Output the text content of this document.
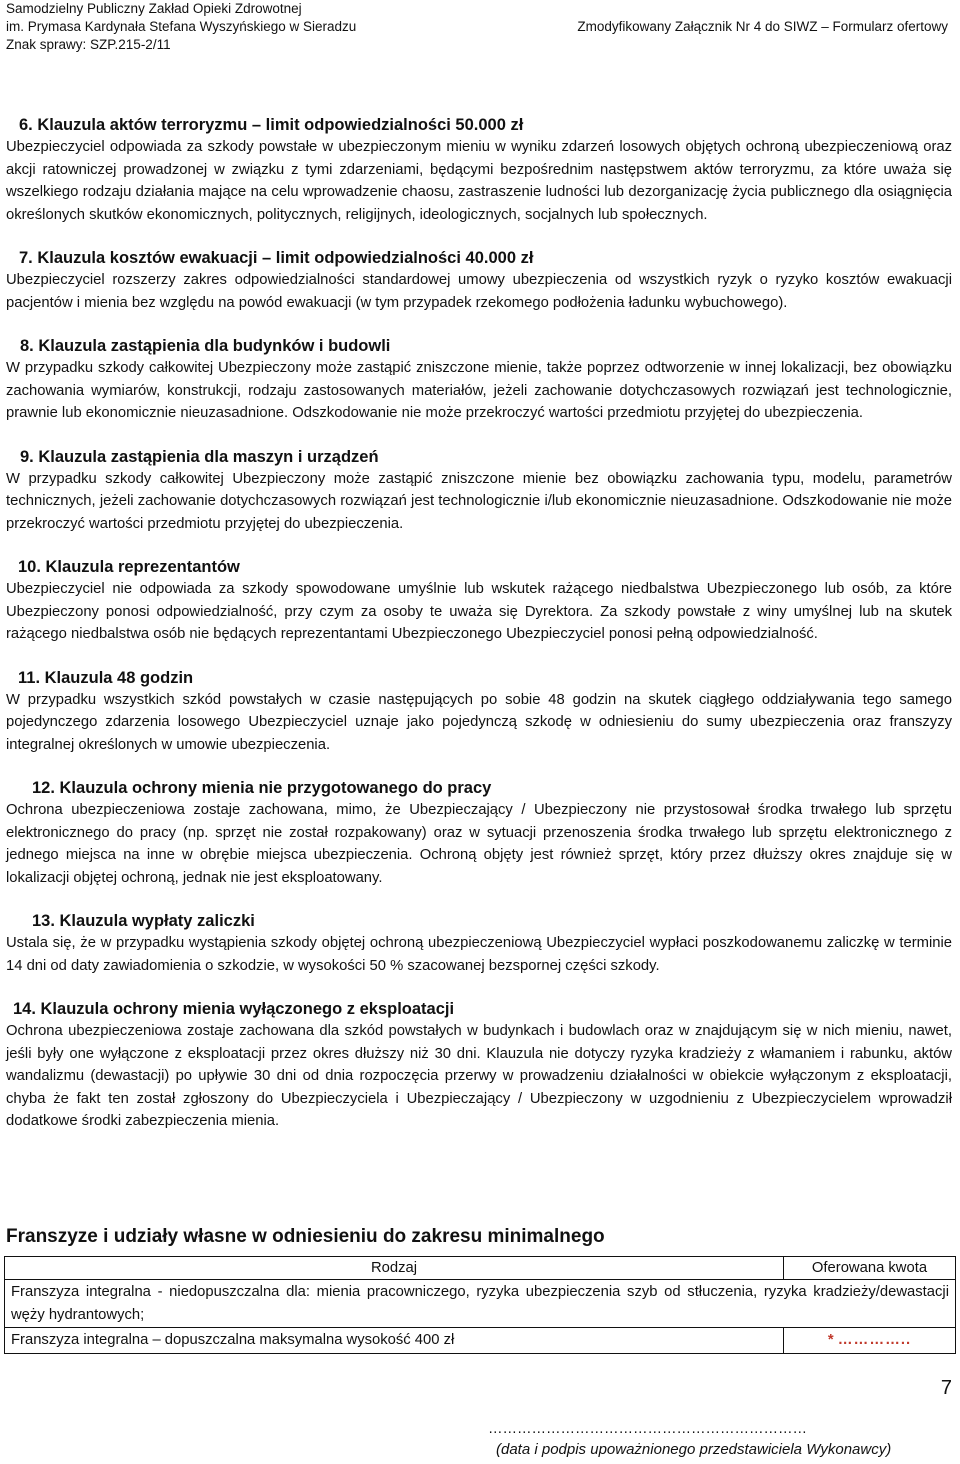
Samodzielny Publiczny Zakład Opieki Zdrowotnej
im. Prymasa Kardynała Stefana Wyszyńskiego w Sieradzu
Znak sprawy: SZP.215-2/11
Zmodyfikowany Załącznik Nr 4 do SIWZ – Formularz ofertowy

6. Klauzula aktów terroryzmu – limit odpowiedzialności 50.000 zł

Ubezpieczyciel odpowiada za szkody powstałe w ubezpieczonym mieniu w wyniku zdarzeń losowych objętych ochroną ubezpieczeniową oraz akcji ratowniczej prowadzonej w związku z tymi zdarzeniami, będącymi bezpośrednim następstwem aktów terroryzmu, za które uważa się wszelkiego rodzaju działania mające na celu wprowadzenie chaosu, zastraszenie ludności lub dezorganizację życia publicznego dla osiągnięcia określonych skutków ekonomicznych, politycznych, religijnych, ideologicznych, socjalnych lub społecznych.

7. Klauzula kosztów ewakuacji – limit odpowiedzialności 40.000 zł

Ubezpieczyciel rozszerzy zakres odpowiedzialności standardowej umowy ubezpieczenia od wszystkich ryzyk o ryzyko kosztów ewakuacji pacjentów i mienia bez względu na powód ewakuacji (w tym przypadek rzekomego podłożenia ładunku wybuchowego).

8. Klauzula zastąpienia dla budynków i budowli

W przypadku szkody całkowitej Ubezpieczony może zastąpić zniszczone mienie, także poprzez odtworzenie w innej lokalizacji, bez obowiązku zachowania wymiarów, konstrukcji, rodzaju zastosowanych materiałów, jeżeli zachowanie dotychczasowych rozwiązań jest technologicznie, prawnie lub ekonomicznie nieuzasadnione. Odszkodowanie nie może przekroczyć wartości przedmiotu przyjętej do ubezpieczenia.

9. Klauzula zastąpienia dla maszyn i urządzeń

W przypadku szkody całkowitej Ubezpieczony może zastąpić zniszczone mienie bez obowiązku zachowania typu, modelu, parametrów technicznych, jeżeli zachowanie dotychczasowych rozwiązań jest technologicznie i/lub ekonomicznie nieuzasadnione. Odszkodowanie nie może przekroczyć wartości przedmiotu przyjętej do ubezpieczenia.

10. Klauzula reprezentantów

Ubezpieczyciel nie odpowiada za szkody spowodowane umyślnie lub wskutek rażącego niedbalstwa Ubezpieczonego lub osób, za które Ubezpieczony ponosi odpowiedzialność, przy czym za osoby te uważa się Dyrektora. Za szkody powstałe z winy umyślnej lub na skutek rażącego niedbalstwa osób nie będących reprezentantami Ubezpieczonego Ubezpieczyciel ponosi pełną odpowiedzialność.

11. Klauzula 48 godzin

W przypadku wszystkich szkód powstałych w czasie następujących po sobie 48 godzin na skutek ciągłego oddziaływania tego samego pojedynczego zdarzenia losowego Ubezpieczyciel uznaje jako pojedynczą szkodę w odniesieniu do sumy ubezpieczenia oraz franszyzy integralnej określonych w umowie ubezpieczenia.

12. Klauzula ochrony mienia nie przygotowanego do pracy

Ochrona ubezpieczeniowa zostaje zachowana, mimo, że Ubezpieczający / Ubezpieczony nie przystosował środka trwałego lub sprzętu elektronicznego do pracy (np. sprzęt nie został rozpakowany) oraz w sytuacji przenoszenia środka trwałego lub sprzętu elektronicznego z jednego miejsca na inne w obrębie miejsca ubezpieczenia. Ochroną objęty jest również sprzęt, który przez dłuższy okres znajduje się w lokalizacji objętej ochroną, jednak nie jest eksploatowany.

13. Klauzula wypłaty zaliczki

Ustala się, że w przypadku wystąpienia szkody objętej ochroną ubezpieczeniową Ubezpieczyciel wypłaci poszkodowanemu zaliczkę w terminie 14 dni od daty zawiadomienia o szkodzie, w wysokości 50 % szacowanej bezspornej części szkody.

14. Klauzula ochrony mienia wyłączonego z eksploatacji

Ochrona ubezpieczeniowa zostaje zachowana dla szkód powstałych w budynkach i budowlach oraz w znajdującym się w nich mieniu, nawet, jeśli były one wyłączone z eksploatacji przez okres dłuższy niż 30 dni. Klauzula nie dotyczy ryzyka kradzieży z włamaniem i rabunku, aktów wandalizmu (dewastacji) po upływie 30 dni od dnia rozpoczęcia przerwy w prowadzeniu działalności w obiekcie wyłączonym z eksploatacji, chyba że fakt ten został zgłoszony do Ubezpieczyciela i Ubezpieczający / Ubezpieczony w uzgodnieniu z Ubezpieczycielem wprowadził dodatkowe środki zabezpieczenia mienia.

Franszyze i udziały własne w odniesieniu do zakresu minimalnego
Rodzaj	Oferowana kwota
Franszyza integralna - niedopuszczalna dla: mienia pracowniczego, ryzyka ubezpieczenia szyb od stłuczenia, ryzyka kradzieży/dewastacji węży hydrantowych;	
Franszyza integralna – dopuszczalna maksymalna wysokość 400 zł	* …………..
7
…………………………………………………………
(data i podpis upoważnionego przedstawiciela Wykonawcy)
